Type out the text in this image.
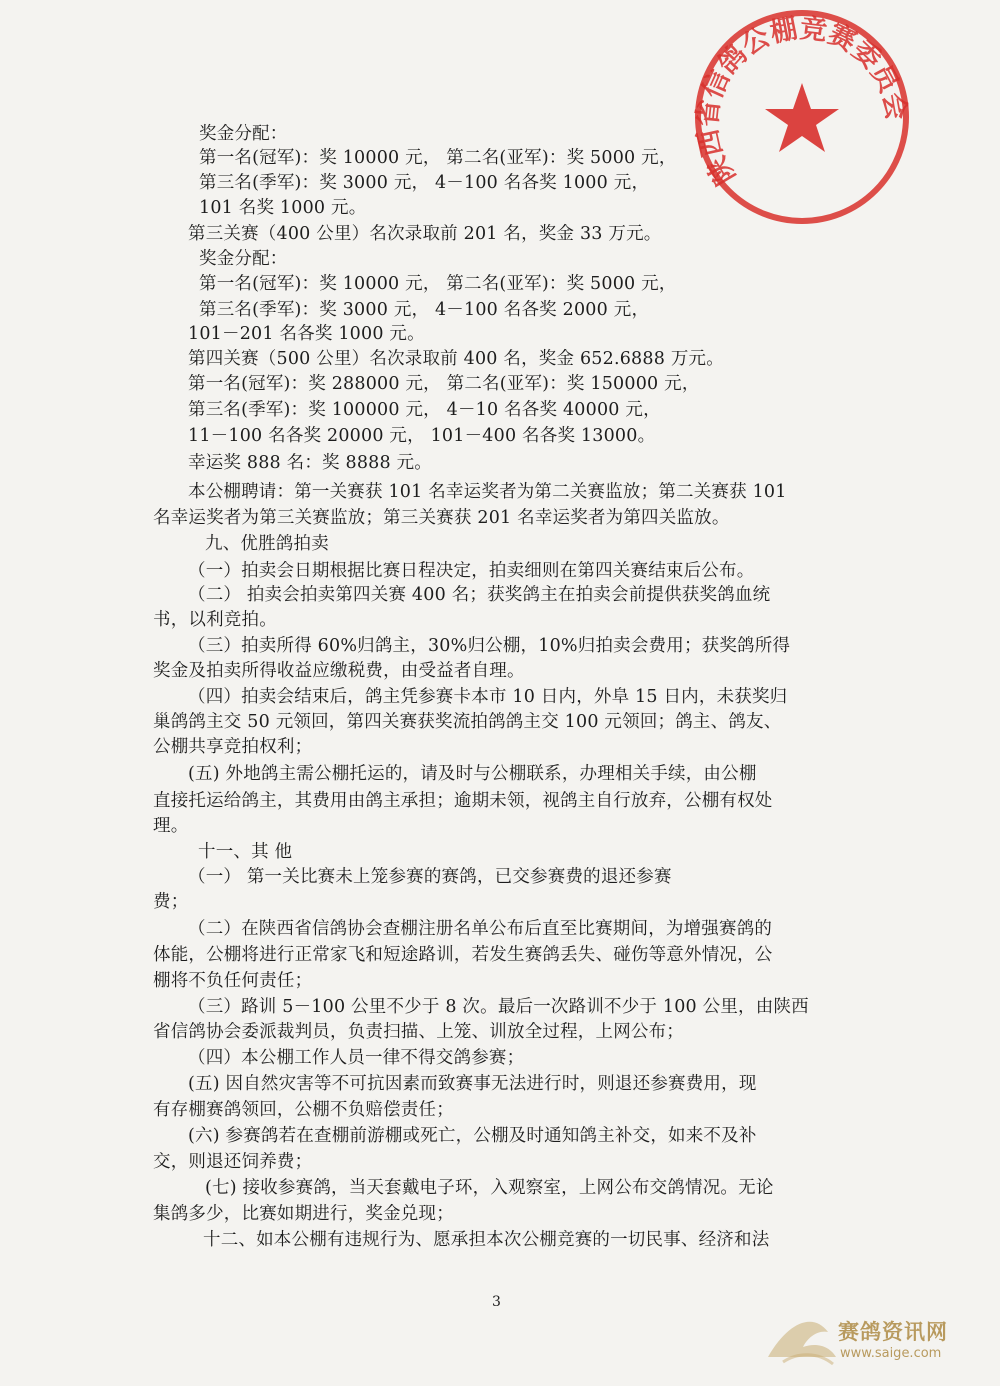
陕西省信鸽公棚竞赛委员会
奖金分配：
第一名(冠军)：奖 10000 元， 第二名(亚军)：奖 5000 元，
第三名(季军)：奖 3000 元， 4－100 名各奖 1000 元，
101 名奖 1000 元。
第三关赛（400 公里）名次录取前 201 名，奖金 33 万元。
奖金分配：
第一名(冠军)：奖 10000 元， 第二名(亚军)：奖 5000 元，
第三名(季军)：奖 3000 元， 4－100 名各奖 2000 元，
101－201 名各奖 1000 元。
第四关赛（500 公里）名次录取前 400 名，奖金 652.6888 万元。
第一名(冠军)：奖 288000 元， 第二名(亚军)：奖 150000 元，
第三名(季军)：奖 100000 元， 4－10 名各奖 40000 元，
11－100 名各奖 20000 元， 101－400 名各奖 13000。
幸运奖 888 名：奖 8888 元。
本公棚聘请：第一关赛获 101 名幸运奖者为第二关赛监放；第二关赛获 101
名幸运奖者为第三关赛监放；第三关赛获 201 名幸运奖者为第四关监放。
九、优胜鸽拍卖
（一）拍卖会日期根据比赛日程决定，拍卖细则在第四关赛结束后公布。
（二） 拍卖会拍卖第四关赛 400 名；获奖鸽主在拍卖会前提供获奖鸽血统
书，以利竞拍。
（三）拍卖所得 60%归鸽主，30%归公棚，10%归拍卖会费用；获奖鸽所得
奖金及拍卖所得收益应缴税费，由受益者自理。
（四）拍卖会结束后，鸽主凭参赛卡本市 10 日内，外阜 15 日内，未获奖归
巢鸽鸽主交 50 元领回，第四关赛获奖流拍鸽鸽主交 100 元领回；鸽主、鸽友、
公棚共享竞拍权利；
(五) 外地鸽主需公棚托运的，请及时与公棚联系，办理相关手续，由公棚
直接托运给鸽主，其费用由鸽主承担；逾期未领，视鸽主自行放弃，公棚有权处
理。
十一、其 他
（一） 第一关比赛未上笼参赛的赛鸽，已交参赛费的退还参赛
费；
（二）在陕西省信鸽协会查棚注册名单公布后直至比赛期间，为增强赛鸽的
体能，公棚将进行正常家飞和短途路训，若发生赛鸽丢失、碰伤等意外情况，公
棚将不负任何责任；
（三）路训 5－100 公里不少于 8 次。最后一次路训不少于 100 公里，由陕西
省信鸽协会委派裁判员，负责扫描、上笼、训放全过程，上网公布；
（四）本公棚工作人员一律不得交鸽参赛；
(五) 因自然灾害等不可抗因素而致赛事无法进行时，则退还参赛费用，现
有存棚赛鸽领回，公棚不负赔偿责任；
(六) 参赛鸽若在查棚前游棚或死亡，公棚及时通知鸽主补交，如来不及补
交，则退还饲养费；
(七) 接收参赛鸽，当天套戴电子环，入观察室，上网公布交鸽情况。无论
集鸽多少，比赛如期进行，奖金兑现；
十二、如本公棚有违规行为、愿承担本次公棚竞赛的一切民事、经济和法
3
赛鸽资讯网
www.saige.com
